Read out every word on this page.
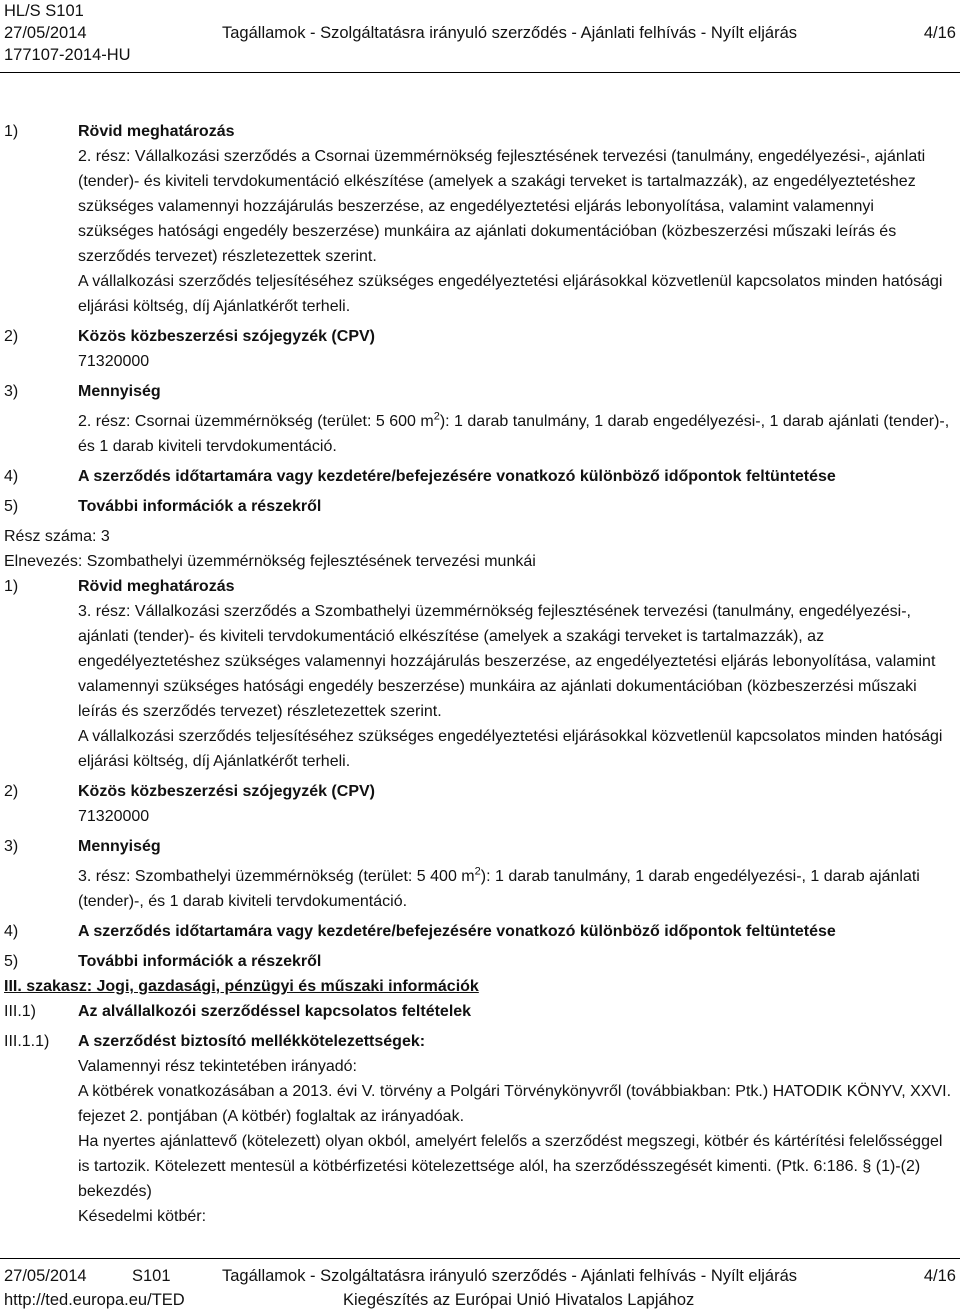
HL/S S101
27/05/2014	Tagállamok - Szolgáltatásra irányuló szerződés - Ajánlati felhívás - Nyílt eljárás	4/16
177107-2014-HU
1)	Rövid meghatározás
2. rész: Vállalkozási szerződés a Csornai üzemmérnökség fejlesztésének tervezési (tanulmány, engedélyezési-, ajánlati (tender)- és kiviteli tervdokumentáció elkészítése (amelyek a szakági terveket is tartalmazzák), az engedélyeztetéshez szükséges valamennyi hozzájárulás beszerzése, az engedélyeztetési eljárás lebonyolítása, valamint valamennyi szükséges hatósági engedély beszerzése) munkáira az ajánlati dokumentációban (közbeszerzési műszaki leírás és szerződés tervezet) részletezettek szerint.
A vállalkozási szerződés teljesítéséhez szükséges engedélyeztetési eljárásokkal közvetlenül kapcsolatos minden hatósági eljárási költség, díj Ajánlatkérőt terheli.
2)	Közös közbeszerzési szójegyzék (CPV)
71320000
3)	Mennyiség
2. rész: Csornai üzemmérnökség (terület: 5 600 $m^2$): 1 darab tanulmány, 1 darab engedélyezési-, 1 darab ajánlati (tender)-, és 1 darab kiviteli tervdokumentáció.
4)	A szerződés időtartamára vagy kezdetére/befejezésére vonatkozó különböző időpontok feltüntetése
5)	További információk a részekről
Rész száma: 3
Elnevezés: Szombathelyi üzemmérnökség fejlesztésének tervezési munkái
1)	Rövid meghatározás
3. rész: Vállalkozási szerződés a Szombathelyi üzemmérnökség fejlesztésének tervezési (tanulmány, engedélyezési-, ajánlati (tender)- és kiviteli tervdokumentáció elkészítése (amelyek a szakági terveket is tartalmazzák), az engedélyeztetéshez szükséges valamennyi hozzájárulás beszerzése, az engedélyeztetési eljárás lebonyolítása, valamint valamennyi szükséges hatósági engedély beszerzése) munkáira az ajánlati dokumentációban (közbeszerzési műszaki leírás és szerződés tervezet) részletezettek szerint.
A vállalkozási szerződés teljesítéséhez szükséges engedélyeztetési eljárásokkal közvetlenül kapcsolatos minden hatósági eljárási költség, díj Ajánlatkérőt terheli.
2)	Közös közbeszerzési szójegyzék (CPV)
71320000
3)	Mennyiség
3. rész: Szombathelyi üzemmérnökség (terület: 5 400 $m^2$): 1 darab tanulmány, 1 darab engedélyezési-, 1 darab ajánlati (tender)-, és 1 darab kiviteli tervdokumentáció.
4)	A szerződés időtartamára vagy kezdetére/befejezésére vonatkozó különböző időpontok feltüntetése
5)	További információk a részekről
III. szakasz: Jogi, gazdasági, pénzügyi és műszaki információk
III.1)	Az alvállalkozói szerződéssel kapcsolatos feltételek
III.1.1)	A szerződést biztosító mellékkötelezettségek:
Valamennyi rész tekintetében irányadó:
A kötbérek vonatkozásában a 2013. évi V. törvény a Polgári Törvénykönyvről (továbbiakban: Ptk.) HATODIK KÖNYV, XXVI. fejezet 2. pontjában (A kötbér) foglaltak az irányadóak.
Ha nyertes ajánlattevő (kötelezett) olyan okból, amelyért felelős a szerződést megszegi, kötbér és kártérítési felelősséggel is tartozik. Kötelezett mentesül a kötbérfizetési kötelezettsége alól, ha szerződésszegését kimenti. (Ptk. 6:186. § (1)-(2) bekezdés)
Késedelmi kötbér:
27/05/2014	S101	Tagállamok - Szolgáltatásra irányuló szerződés - Ajánlati felhívás - Nyílt eljárás	4/16
http://ted.europa.eu/TED	Kiegészítés az Európai Unió Hivatalos Lapjához
